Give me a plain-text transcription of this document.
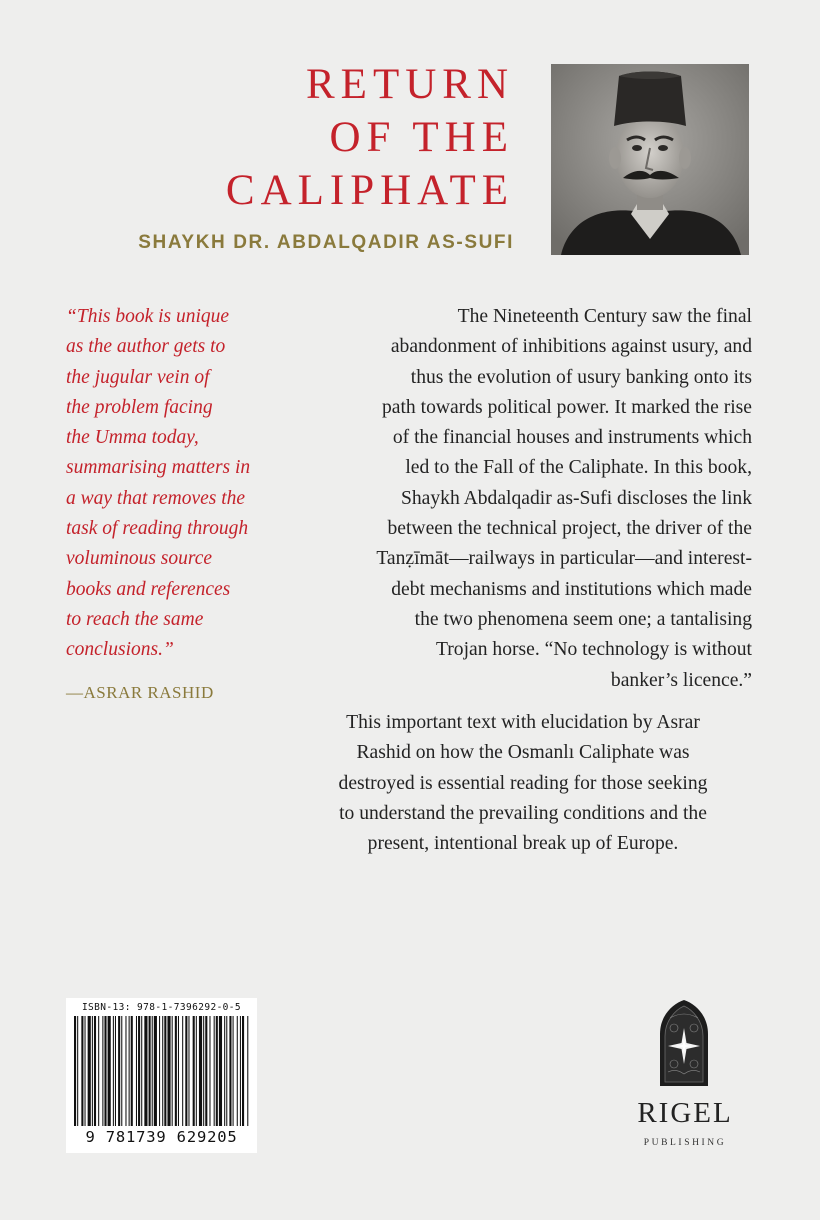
RETURN
OF THE
CALIPHATE
SHAYKH DR. ABDALQADIR AS-SUFI
“This book is unique
as the author gets to
the jugular vein of
the problem facing
the Umma today,
summarising matters in
a way that removes the
task of reading through
voluminous source
books and references
to reach the same
conclusions.”
—ASRAR RASHID
The Nineteenth Century saw the final
abandonment of inhibitions against usury, and
thus the evolution of usury banking onto its
path towards political power. It marked the rise
of the financial houses and instruments which
led to the Fall of the Caliphate. In this book,
Shaykh Abdalqadir as-Sufi discloses the link
between the technical project, the driver of the
Tanẓīmāt—railways in particular—and interest-
debt mechanisms and institutions which made
the two phenomena seem one; a tantalising
Trojan horse. “No technology is without
banker’s licence.”
This important text with elucidation by Asrar
Rashid on how the Osmanlı Caliphate was
destroyed is essential reading for those seeking
to understand the prevailing conditions and the
present, intentional break up of Europe.
ISBN-13: 978-1-7396292-0-5
9 781739 629205
RIGEL
PUBLISHING
